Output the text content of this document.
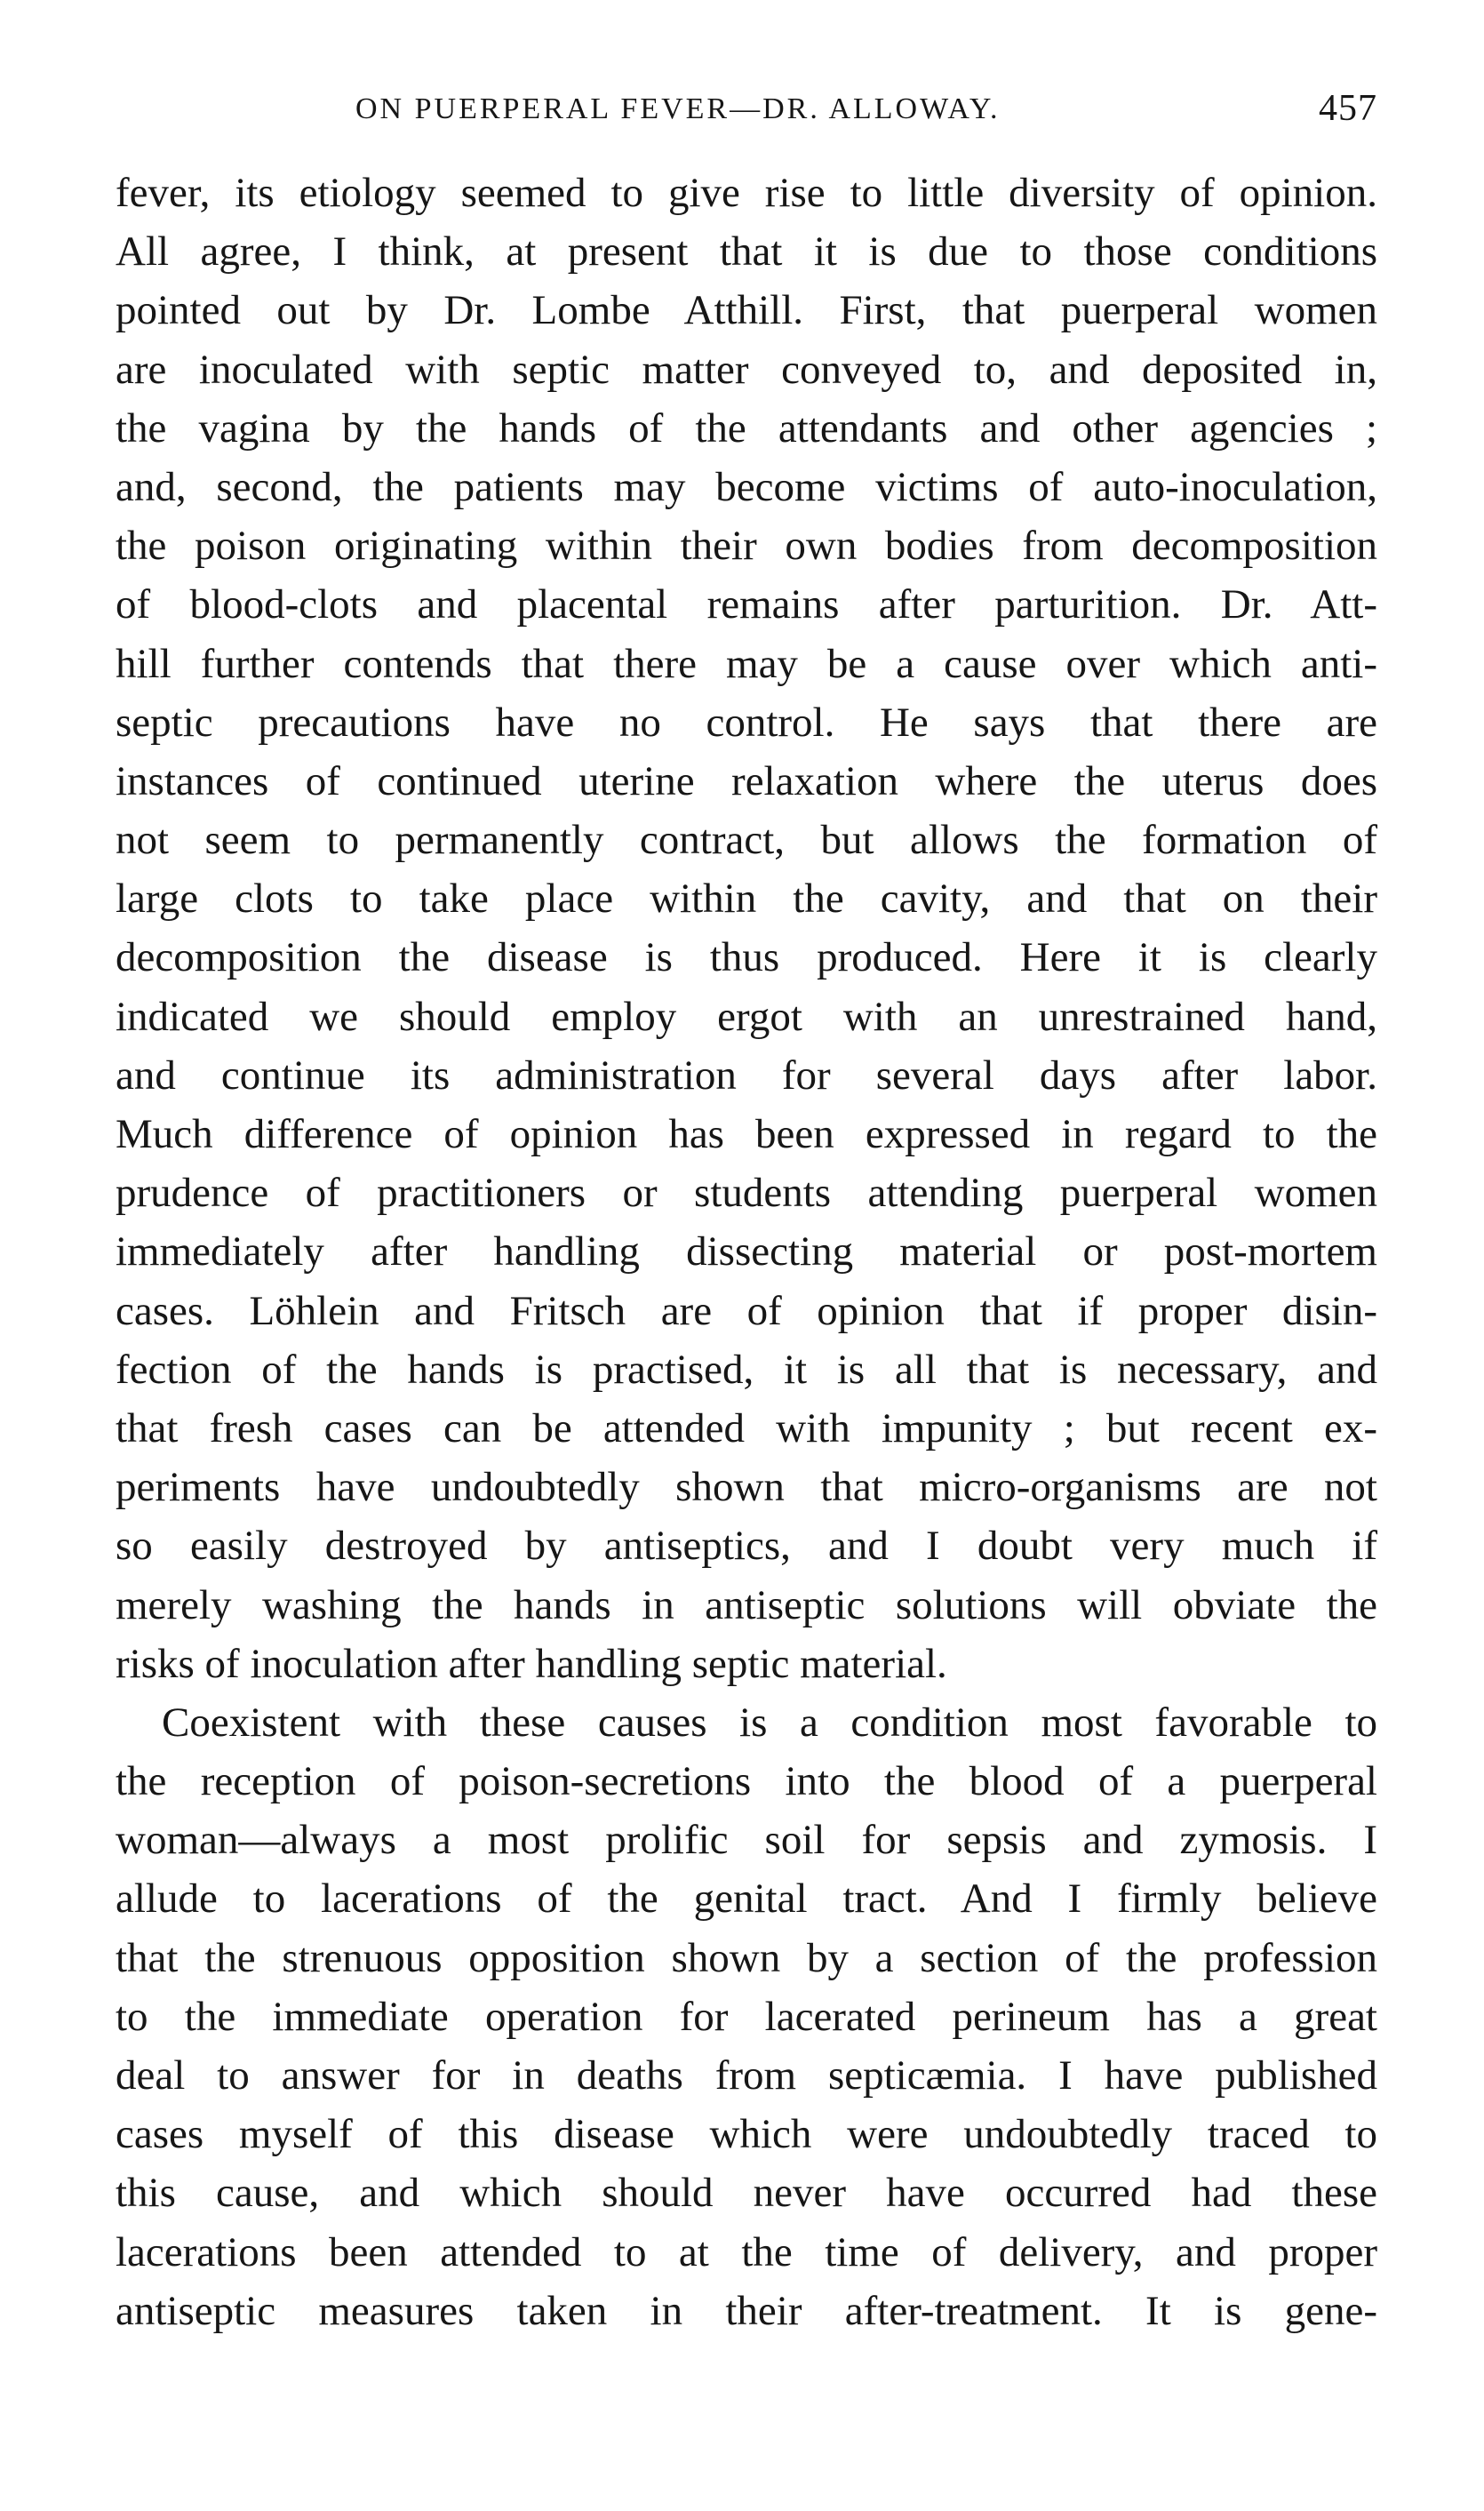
ON PUERPERAL FEVER—DR. ALLOWAY.	457
fever, its etiology seemed to give rise to little diversity of opinion.
All agree, I think, at present that it is due to those conditions
pointed out by Dr. Lombe Atthill. First, that puerperal women
are inoculated with septic matter conveyed to, and deposited in,
the vagina by the hands of the attendants and other agencies ;
and, second, the patients may become victims of auto-inoculation,
the poison originating within their own bodies from decomposition
of blood-clots and placental remains after parturition. Dr. Att-
hill further contends that there may be a cause over which anti-
septic precautions have no control. He says that there are
instances of continued uterine relaxation where the uterus does
not seem to permanently contract, but allows the formation of
large clots to take place within the cavity, and that on their
decomposition the disease is thus produced. Here it is clearly
indicated we should employ ergot with an unrestrained hand,
and continue its administration for several days after labor.
Much difference of opinion has been expressed in regard to the
prudence of practitioners or students attending puerperal women
immediately after handling dissecting material or post-mortem
cases. Löhlein and Fritsch are of opinion that if proper disin-
fection of the hands is practised, it is all that is necessary, and
that fresh cases can be attended with impunity ; but recent ex-
periments have undoubtedly shown that micro-organisms are not
so easily destroyed by antiseptics, and I doubt very much if
merely washing the hands in antiseptic solutions will obviate the
risks of inoculation after handling septic material.
Coexistent with these causes is a condition most favorable to
the reception of poison-secretions into the blood of a puerperal
woman—always a most prolific soil for sepsis and zymosis. I
allude to lacerations of the genital tract. And I firmly believe
that the strenuous opposition shown by a section of the profession
to the immediate operation for lacerated perineum has a great
deal to answer for in deaths from septicæmia. I have published
cases myself of this disease which were undoubtedly traced to
this cause, and which should never have occurred had these
lacerations been attended to at the time of delivery, and proper
antiseptic measures taken in their after-treatment. It is gene-
